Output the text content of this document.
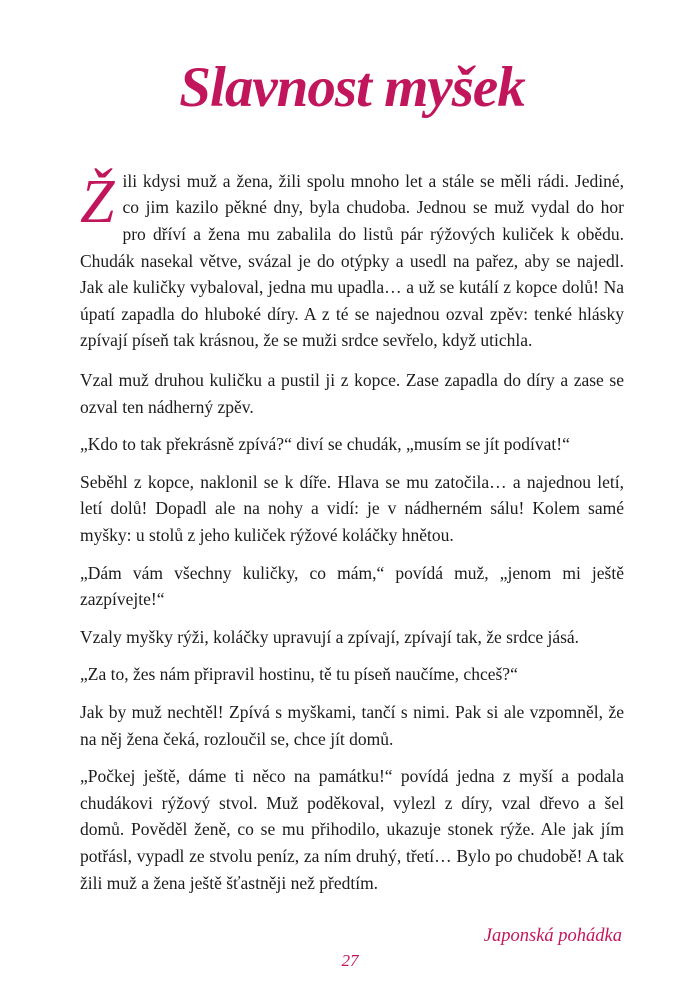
Slavnost myšek

Žili kdysi muž a žena, žili spolu mnoho let a stále se měli rádi. Jediné, co jim kazilo pěkné dny, byla chudoba. Jednou se muž vydal do hor pro dříví a žena mu zabalila do listů pár rýžových kuliček k obědu. Chudák nasekal větve, svázal je do otýpky a usedl na pařez, aby se najedl. Jak ale kuličky vybaloval, jedna mu upadla… a už se kutálí z kopce dolů! Na úpatí zapadla do hluboké díry. A z té se najednou ozval zpěv: tenké hlásky zpívají píseň tak krásnou, že se muži srdce sevřelo, když utichla.

Vzal muž druhou kuličku a pustil ji z kopce. Zase zapadla do díry a zase se ozval ten nádherný zpěv.

„Kdo to tak překrásně zpívá?“ diví se chudák, „musím se jít podívat!“

Seběhl z kopce, naklonil se k díře. Hlava se mu zatočila… a najednou letí, letí dolů! Dopadl ale na nohy a vidí: je v nádherném sálu! Kolem samé myšky: u stolů z jeho kuliček rýžové koláčky hnětou.

„Dám vám všechny kuličky, co mám,“ povídá muž, „jenom mi ještě zazpívejte!“

Vzaly myšky rýži, koláčky upravují a zpívají, zpívají tak, že srdce jásá.

„Za to, žes nám připravil hostinu, tě tu píseň naučíme, chceš?“

Jak by muž nechtěl! Zpívá s myškami, tančí s nimi. Pak si ale vzpomněl, že na něj žena čeká, rozloučil se, chce jít domů.

„Počkej ještě, dáme ti něco na památku!“ povídá jedna z myší a podala chudákovi rýžový stvol. Muž poděkoval, vylezl z díry, vzal dřevo a šel domů. Pověděl ženě, co se mu přihodilo, ukazuje stonek rýže. Ale jak jím potřásl, vypadl ze stvolu peníz, za ním druhý, třetí… Bylo po chudobě! A tak žili muž a žena ještě šťastněji než předtím.

Japonská pohádka
27
